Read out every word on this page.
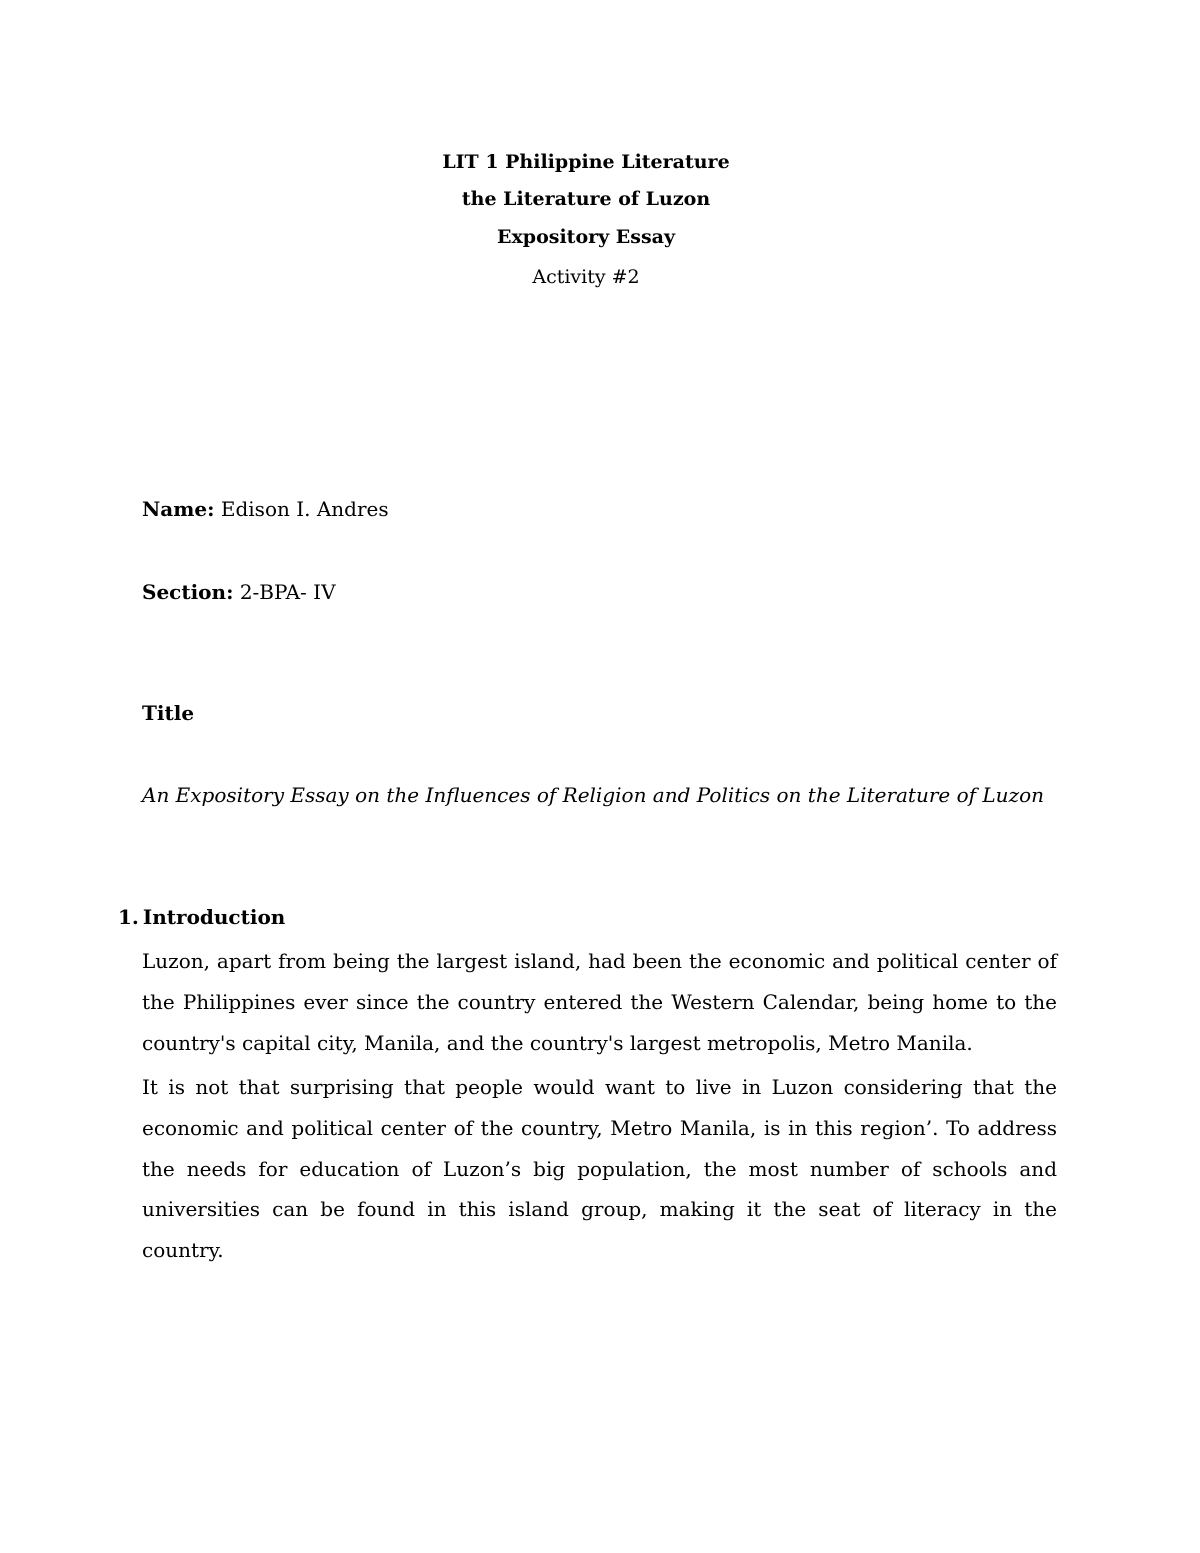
LIT 1 Philippine Literature
the Literature of Luzon
Expository Essay
Activity #2
Name: Edison I. Andres
Section: 2-BPA- IV
Title
An Expository Essay on the Influences of Religion and Politics on the Literature of Luzon
1. Introduction

Luzon, apart from being the largest island, had been the economic and political center of the Philippines ever since the country entered the Western Calendar, being home to the country's capital city, Manila, and the country's largest metropolis, Metro Manila.

It is not that surprising that people would want to live in Luzon considering that the economic and political center of the country, Metro Manila, is in this region’. To address the needs for education of Luzon’s big population, the most number of schools and universities can be found in this island group, making it the seat of literacy in the country.
